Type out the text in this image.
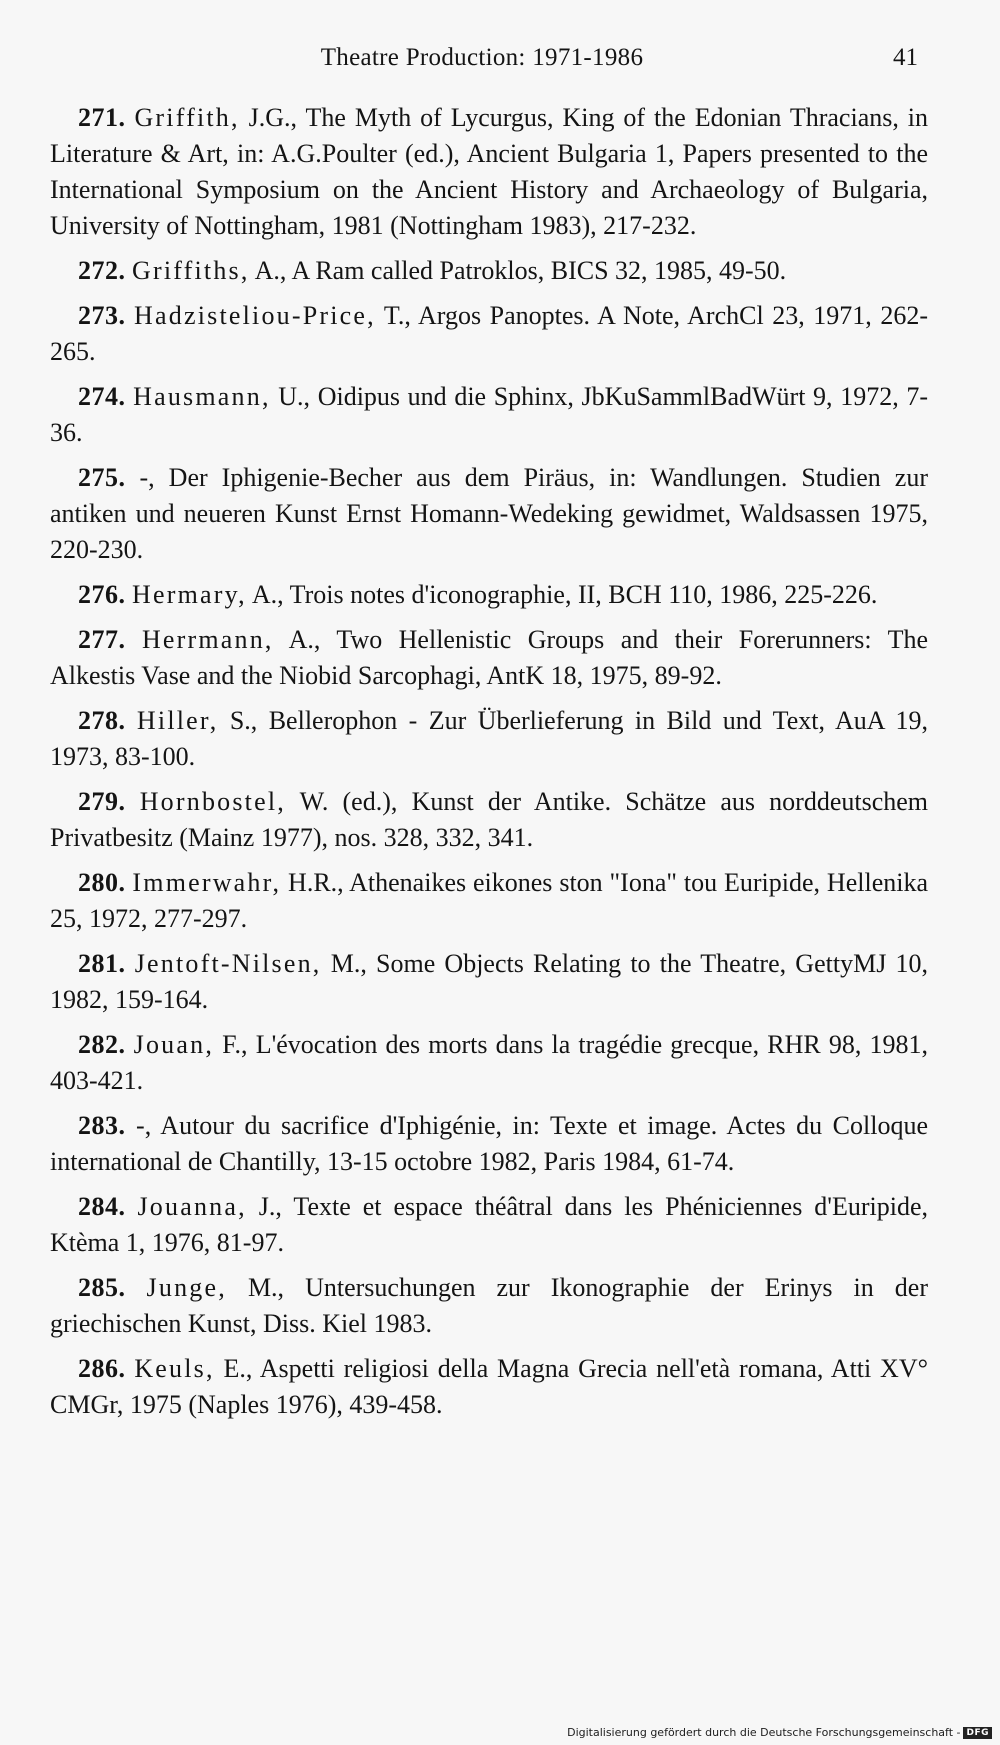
Theatre Production: 1971-1986	41

271. Griffith, J.G., The Myth of Lycurgus, King of the Edonian Thracians, in Literature & Art, in: A.G.Poulter (ed.), Ancient Bulgaria 1, Papers presented to the International Symposium on the Ancient History and Archaeology of Bulgaria, University of Nottingham, 1981 (Nottingham 1983), 217-232.

272. Griffiths, A., A Ram called Patroklos, BICS 32, 1985, 49-50.

273. Hadzisteliou-Price, T., Argos Panoptes. A Note, ArchCl 23, 1971, 262-265.

274. Hausmann, U., Oidipus und die Sphinx, JbKuSammlBadWürt 9, 1972, 7-36.

275. -, Der Iphigenie-Becher aus dem Piräus, in: Wandlungen. Studien zur antiken und neueren Kunst Ernst Homann-Wedeking gewidmet, Waldsassen 1975, 220-230.

276. Hermary, A., Trois notes d'iconographie, II, BCH 110, 1986, 225-226.

277. Herrmann, A., Two Hellenistic Groups and their Forerunners: The Alkestis Vase and the Niobid Sarcophagi, AntK 18, 1975, 89-92.

278. Hiller, S., Bellerophon - Zur Überlieferung in Bild und Text, AuA 19, 1973, 83-100.

279. Hornbostel, W. (ed.), Kunst der Antike. Schätze aus norddeutschem Privatbesitz (Mainz 1977), nos. 328, 332, 341.

280. Immerwahr, H.R., Athenaikes eikones ston "Iona" tou Euripide, Hellenika 25, 1972, 277-297.

281. Jentoft-Nilsen, M., Some Objects Relating to the Theatre, GettyMJ 10, 1982, 159-164.

282. Jouan, F., L'évocation des morts dans la tragédie grecque, RHR 98, 1981, 403-421.

283. -, Autour du sacrifice d'Iphigénie, in: Texte et image. Actes du Colloque international de Chantilly, 13-15 octobre 1982, Paris 1984, 61-74.

284. Jouanna, J., Texte et espace théâtral dans les Phéniciennes d'Euripide, Ktèma 1, 1976, 81-97.

285. Junge, M., Untersuchungen zur Ikonographie der Erinys in der griechischen Kunst, Diss. Kiel 1983.

286. Keuls, E., Aspetti religiosi della Magna Grecia nell'età romana, Atti XV° CMGr, 1975 (Naples 1976), 439-458.

Digitalisierung gefördert durch die Deutsche Forschungsgemeinschaft - DFG
